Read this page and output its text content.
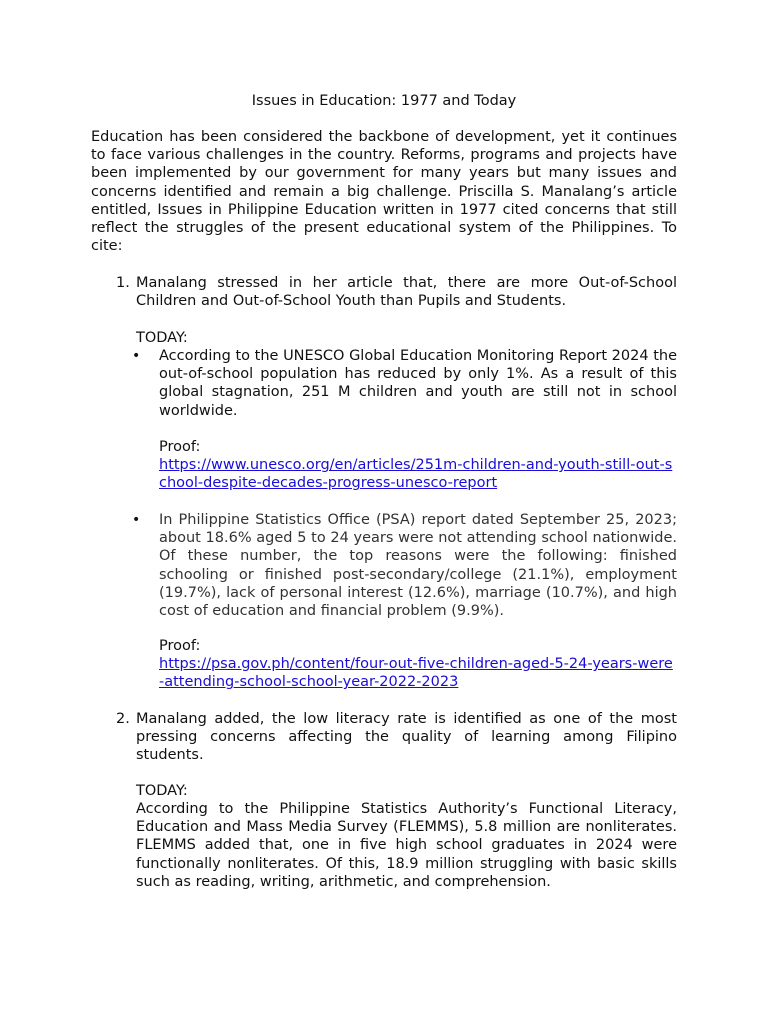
Issues in Education: 1977 and Today

Education has been considered the backbone of development, yet it continues to face various challenges in the country. Reforms, programs and projects have been implemented by our government for many years but many issues and concerns identified and remain a big challenge. Priscilla S. Manalang’s article entitled, Issues in Philippine Education written in 1977 cited concerns that still reflect the struggles of the present educational system of the Philippines. To cite:

1. Manalang stressed in her article that, there are more Out-of-School Children and Out-of-School Youth than Pupils and Students.
TODAY:
• According to the UNESCO Global Education Monitoring Report 2024 the out-of-school population has reduced by only 1%. As a result of this global stagnation, 251 M children and youth are still not in school worldwide.
Proof:
https://www.unesco.org/en/articles/251m-children-and-youth-still-out-school-despite-decades-progress-unesco-report
• In Philippine Statistics Office (PSA) report dated September 25, 2023; about 18.6% aged 5 to 24 years were not attending school nationwide. Of these number, the top reasons were the following: finished schooling or finished post-secondary/college (21.1%), employment (19.7%), lack of personal interest (12.6%), marriage (10.7%), and high cost of education and financial problem (9.9%).
Proof:
https://psa.gov.ph/content/four-out-five-children-aged-5-24-years-were-attending-school-school-year-2022-2023
2. Manalang added, the low literacy rate is identified as one of the most pressing concerns affecting the quality of learning among Filipino students.
TODAY:
According to the Philippine Statistics Authority’s Functional Literacy, Education and Mass Media Survey (FLEMMS), 5.8 million are nonliterates. FLEMMS added that, one in five high school graduates in 2024 were functionally nonliterates. Of this, 18.9 million struggling with basic skills such as reading, writing, arithmetic, and comprehension.
